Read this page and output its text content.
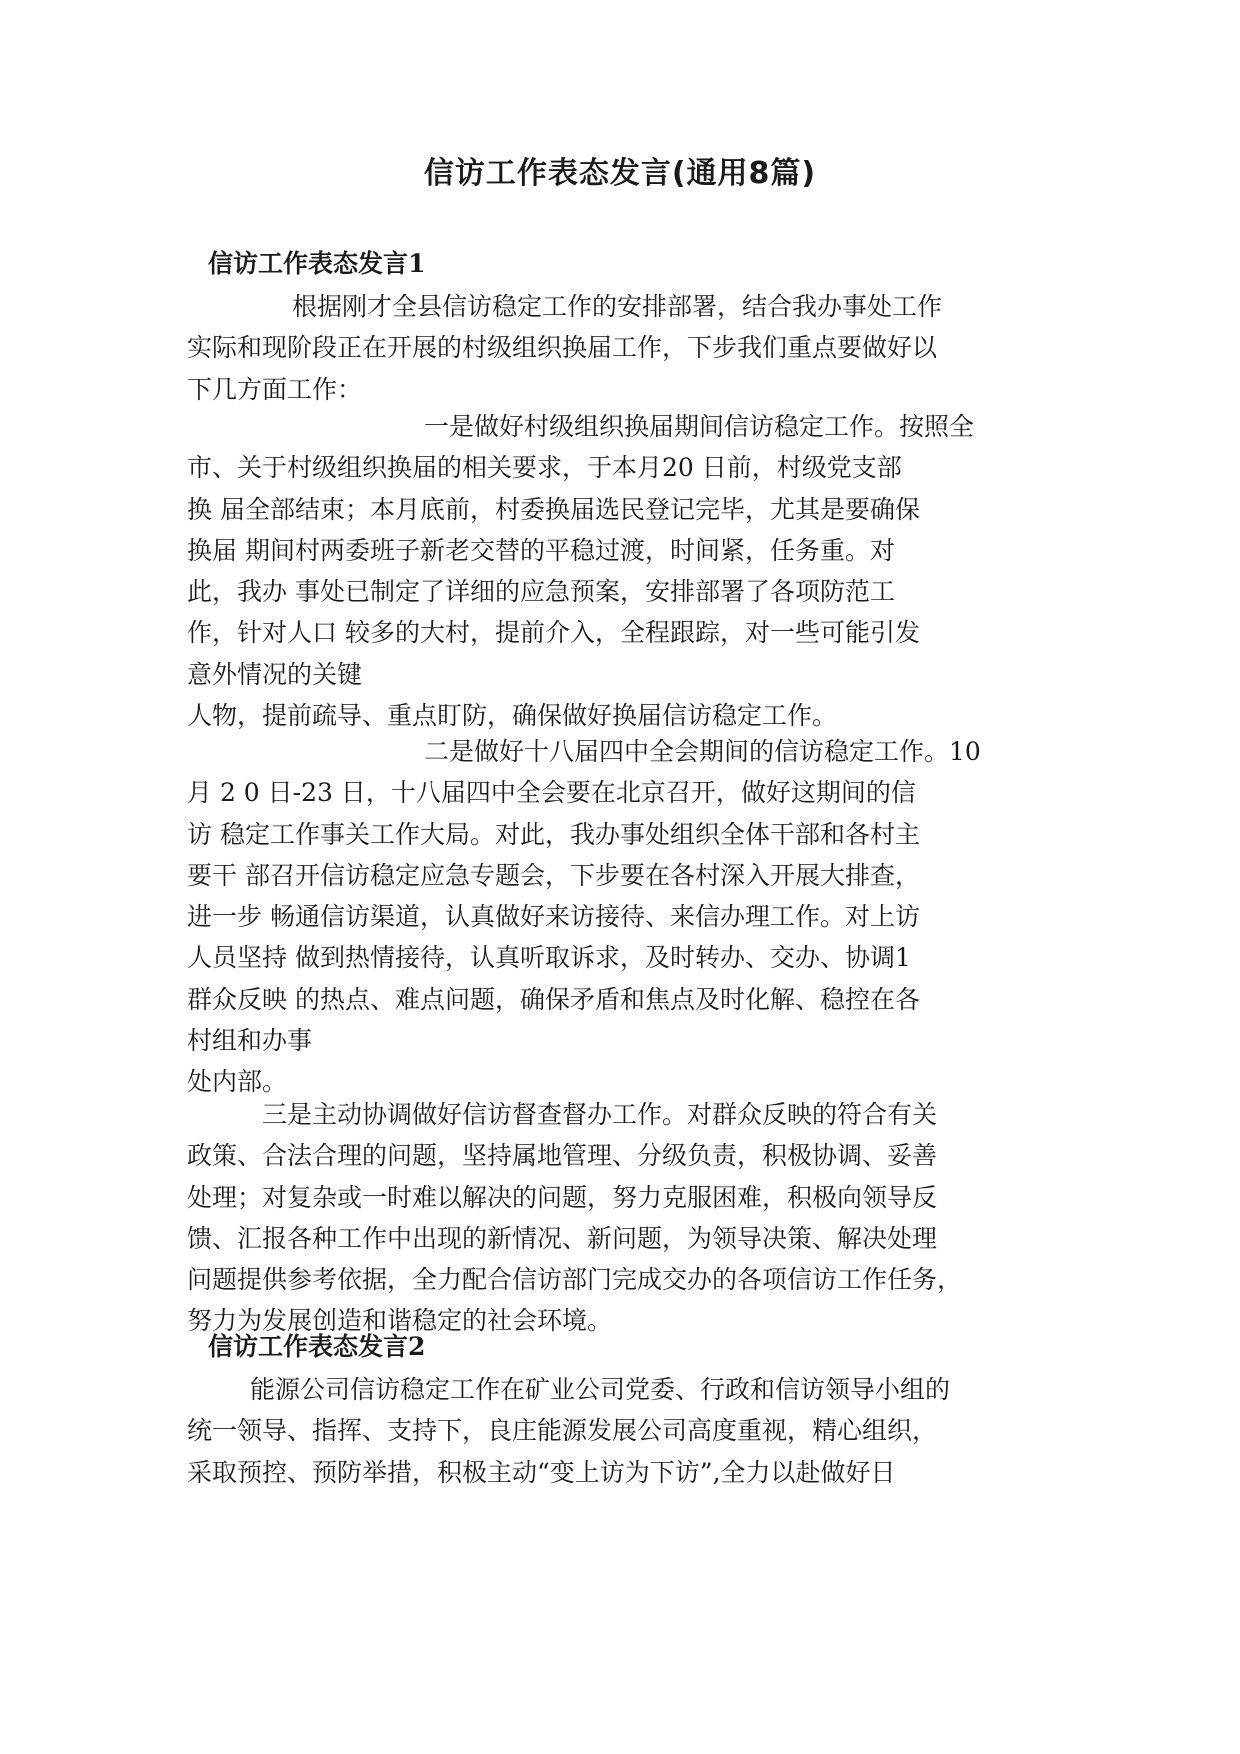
信访工作表态发言(通用8篇)
信访工作表态发言1
根据刚才全县信访稳定工作的安排部署，结合我办事处工作
实际和现阶段正在开展的村级组织换届工作，下步我们重点要做好以
下几方面工作：
一是做好村级组织换届期间信访稳定工作。按照全
市、关于村级组织换届的相关要求，于本月20 日前，村级党支部
换 届全部结束；本月底前，村委换届选民登记完毕，尤其是要确保
换届 期间村两委班子新老交替的平稳过渡，时间紧，任务重。对
此，我办 事处已制定了详细的应急预案，安排部署了各项防范工
作，针对人口 较多的大村，提前介入，全程跟踪，对一些可能引发
意外情况的关键
人物，提前疏导、重点盯防，确保做好换届信访稳定工作。
二是做好十八届四中全会期间的信访稳定工作。10
月 2 0 日-23 日，十八届四中全会要在北京召开，做好这期间的信
访 稳定工作事关工作大局。对此，我办事处组织全体干部和各村主
要干 部召开信访稳定应急专题会，下步要在各村深入开展大排查，
进一步 畅通信访渠道，认真做好来访接待、来信办理工作。对上访
人员坚持 做到热情接待，认真听取诉求，及时转办、交办、协调1
群众反映 的热点、难点问题，确保矛盾和焦点及时化解、稳控在各
村组和办事
处内部。
三是主动协调做好信访督查督办工作。对群众反映的符合有关
政策、合法合理的问题，坚持属地管理、分级负责，积极协调、妥善
处理；对复杂或一时难以解决的问题，努力克服困难，积极向领导反
馈、汇报各种工作中出现的新情况、新问题，为领导决策、解决处理
问题提供参考依据，全力配合信访部门完成交办的各项信访工作任务，
努力为发展创造和谐稳定的社会环境。
信访工作表态发言2
能源公司信访稳定工作在矿业公司党委、行政和信访领导小组的
统一领导、指挥、支持下，良庄能源发展公司高度重视，精心组织，
采取预控、预防举措，积极主动“变上访为下访”,全力以赴做好日
